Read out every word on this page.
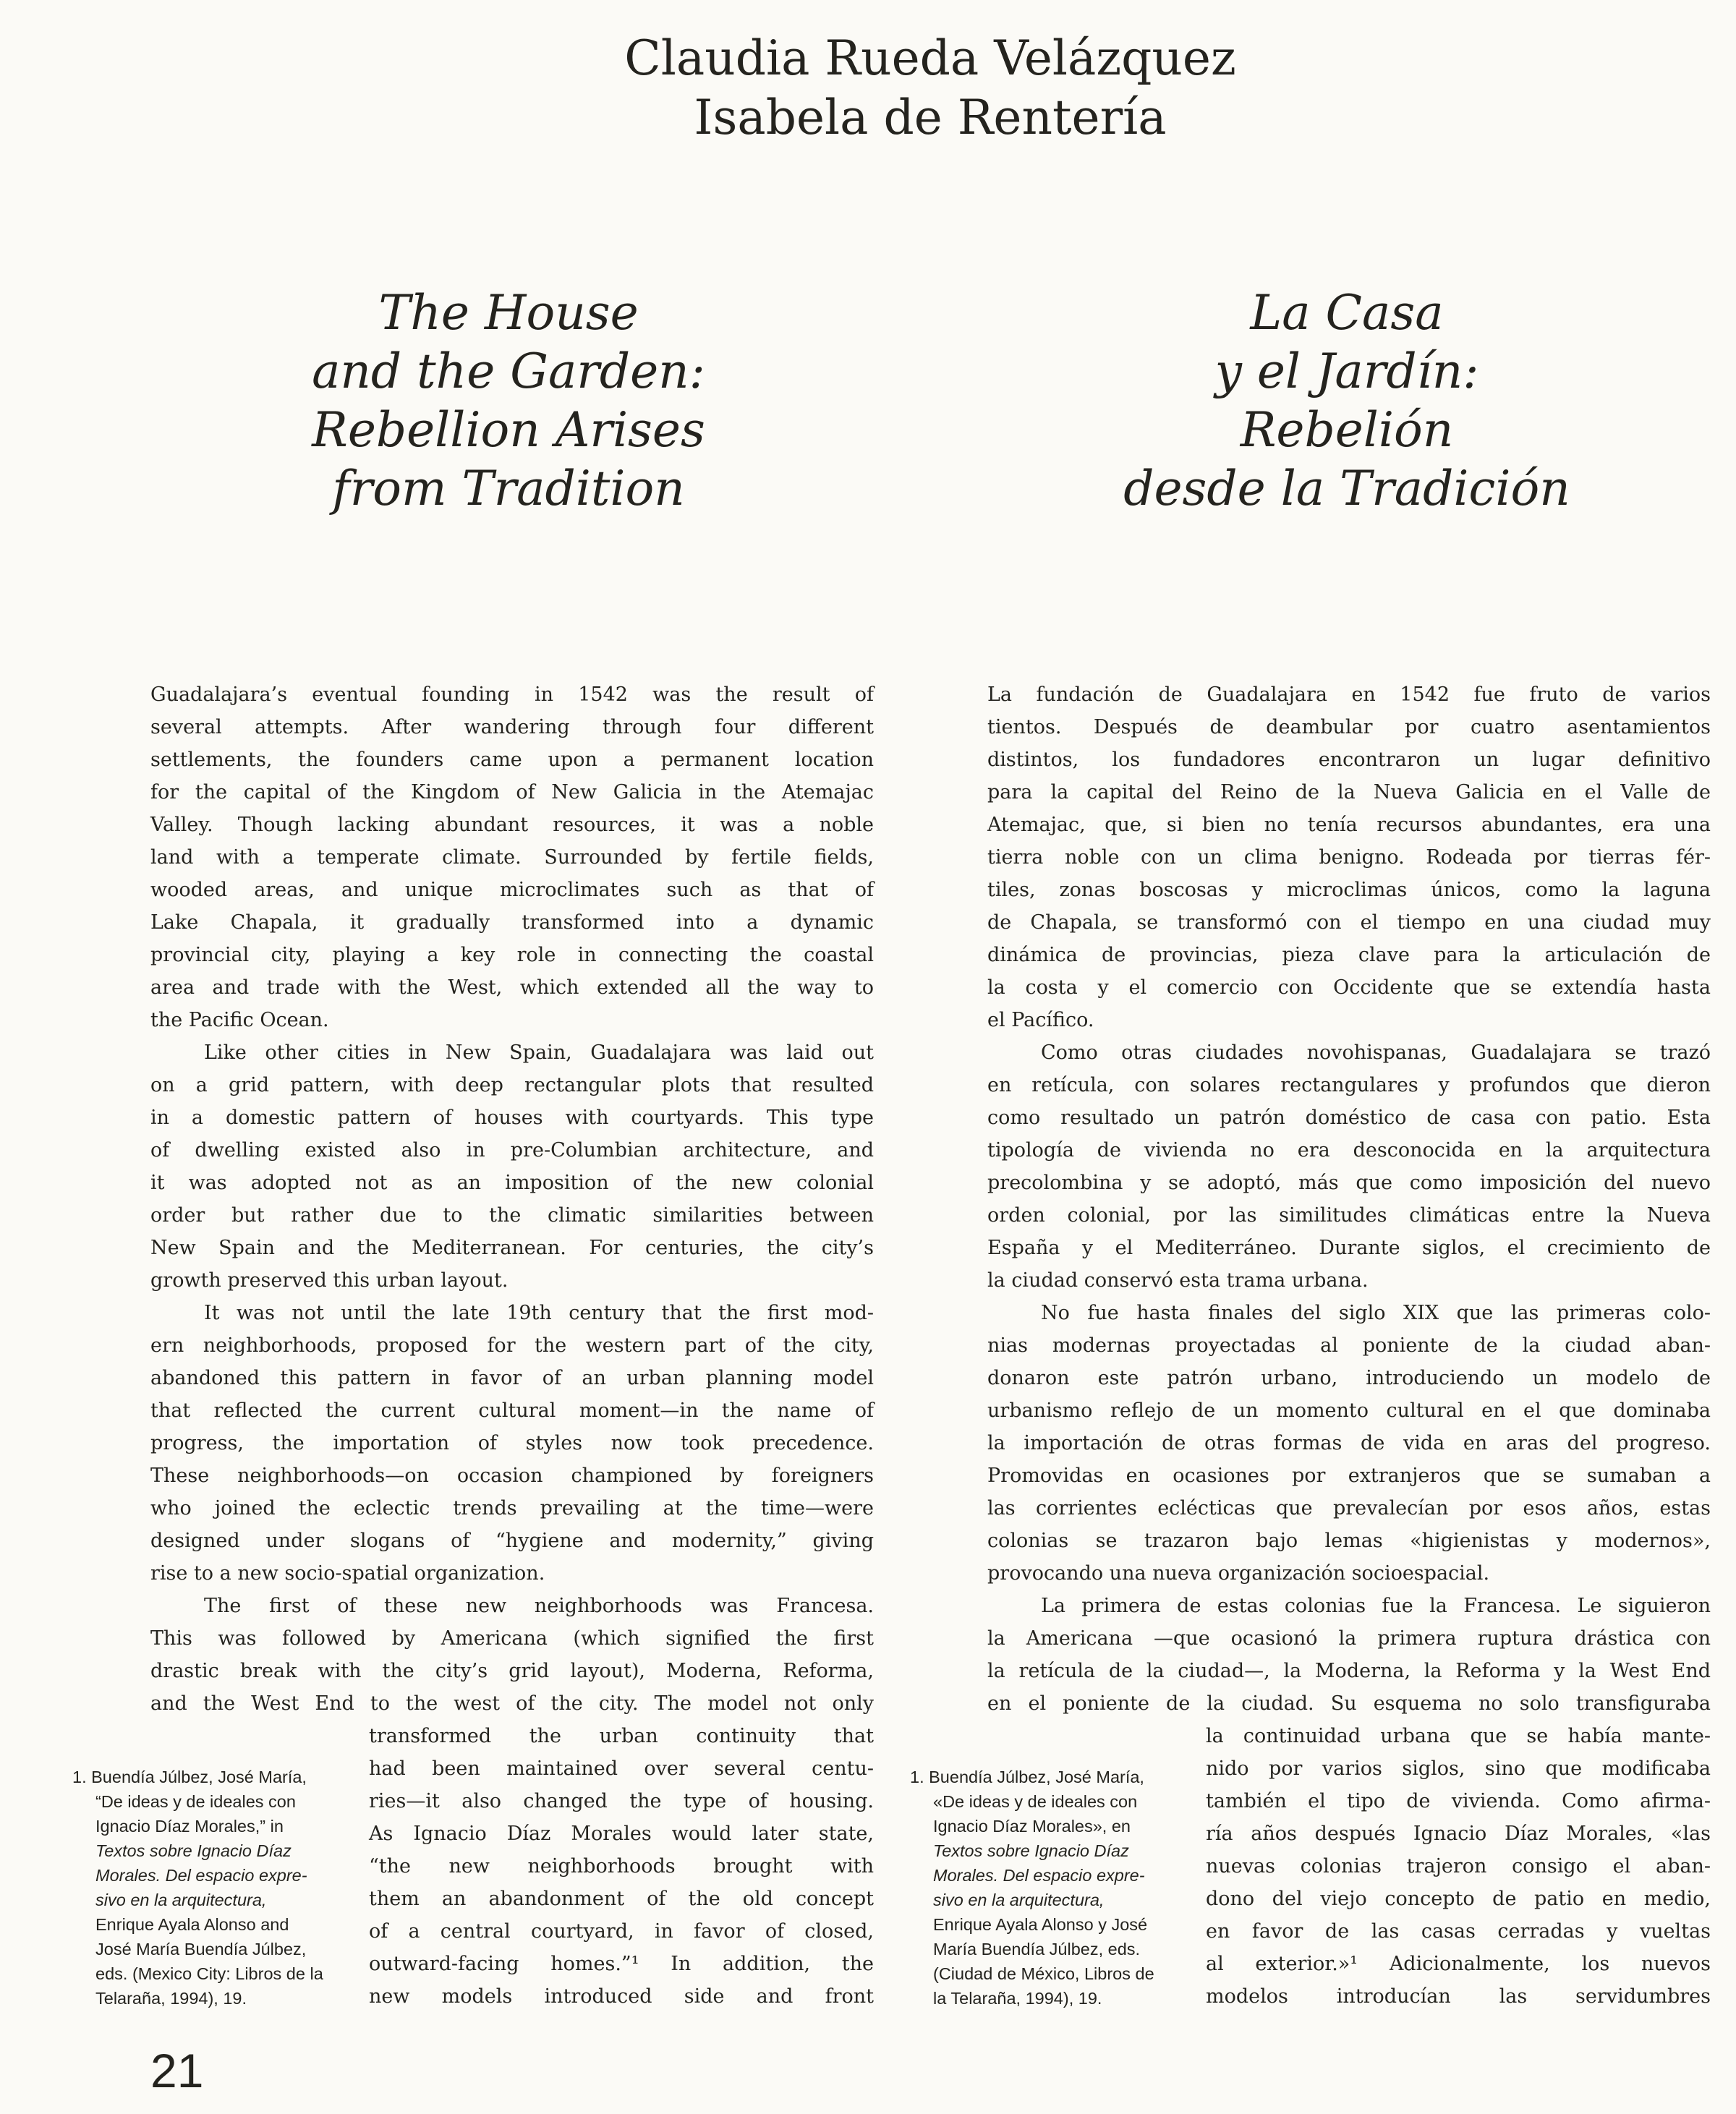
Claudia Rueda Velázquez
Isabela de Rentería
The House
and the Garden:
Rebellion Arises
from Tradition
La Casa
y el Jardín:
Rebelión
desde la Tradición
Guadalajara’s eventual founding in 1542 was the result of
several attempts. After wandering through four different
settlements, the founders came upon a permanent location
for the capital of the Kingdom of New Galicia in the Atemajac
Valley. Though lacking abundant resources, it was a noble
land with a temperate climate. Surrounded by fertile fields,
wooded areas, and unique microclimates such as that of
Lake Chapala, it gradually transformed into a dynamic
provincial city, playing a key role in connecting the coastal
area and trade with the West, which extended all the way to
the Pacific Ocean.
Like other cities in New Spain, Guadalajara was laid out
on a grid pattern, with deep rectangular plots that resulted
in a domestic pattern of houses with courtyards. This type
of dwelling existed also in pre-Columbian architecture, and
it was adopted not as an imposition of the new colonial
order but rather due to the climatic similarities between
New Spain and the Mediterranean. For centuries, the city’s
growth preserved this urban layout.
It was not until the late 19th century that the first mod-
ern neighborhoods, proposed for the western part of the city,
abandoned this pattern in favor of an urban planning model
that reflected the current cultural moment—in the name of
progress, the importation of styles now took precedence.
These neighborhoods—on occasion championed by foreigners
who joined the eclectic trends prevailing at the time—were
designed under slogans of “hygiene and modernity,” giving
rise to a new socio-spatial organization.
The first of these new neighborhoods was Francesa.
This was followed by Americana (which signified the first
drastic break with the city’s grid layout), Moderna, Reforma,
and the West End to the west of the city. The model not only
transformed the urban continuity that
had been maintained over several centu-
ries—it also changed the type of housing.
As Ignacio Díaz Morales would later state,
“the new neighborhoods brought with
them an abandonment of the old concept
of a central courtyard, in favor of closed,
outward-facing homes.”¹ In addition, the
new models introduced side and front
La fundación de Guadalajara en 1542 fue fruto de varios
tientos. Después de deambular por cuatro asentamientos
distintos, los fundadores encontraron un lugar definitivo
para la capital del Reino de la Nueva Galicia en el Valle de
Atemajac, que, si bien no tenía recursos abundantes, era una
tierra noble con un clima benigno. Rodeada por tierras fér-
tiles, zonas boscosas y microclimas únicos, como la laguna
de Chapala, se transformó con el tiempo en una ciudad muy
dinámica de provincias, pieza clave para la articulación de
la costa y el comercio con Occidente que se extendía hasta
el Pacífico.
Como otras ciudades novohispanas, Guadalajara se trazó
en retícula, con solares rectangulares y profundos que dieron
como resultado un patrón doméstico de casa con patio. Esta
tipología de vivienda no era desconocida en la arquitectura
precolombina y se adoptó, más que como imposición del nuevo
orden colonial, por las similitudes climáticas entre la Nueva
España y el Mediterráneo. Durante siglos, el crecimiento de
la ciudad conservó esta trama urbana.
No fue hasta finales del siglo XIX que las primeras colo-
nias modernas proyectadas al poniente de la ciudad aban-
donaron este patrón urbano, introduciendo un modelo de
urbanismo reflejo de un momento cultural en el que dominaba
la importación de otras formas de vida en aras del progreso.
Promovidas en ocasiones por extranjeros que se sumaban a
las corrientes eclécticas que prevalecían por esos años, estas
colonias se trazaron bajo lemas «higienistas y modernos»,
provocando una nueva organización socioespacial.
La primera de estas colonias fue la Francesa. Le siguieron
la Americana —que ocasionó la primera ruptura drástica con
la retícula de la ciudad—, la Moderna, la Reforma y la West End
en el poniente de la ciudad. Su esquema no solo transfiguraba
la continuidad urbana que se había mante-
nido por varios siglos, sino que modificaba
también el tipo de vivienda. Como afirma-
ría años después Ignacio Díaz Morales, «las
nuevas colonias trajeron consigo el aban-
dono del viejo concepto de patio en medio,
en favor de las casas cerradas y vueltas
al exterior.»¹ Adicionalmente, los nuevos
modelos introducían las servidumbres
1. Buendía Júlbez, José María,
“De ideas y de ideales con
Ignacio Díaz Morales,” in
Textos sobre Ignacio Díaz
Morales. Del espacio expre-
sivo en la arquitectura,
Enrique Ayala Alonso and
José María Buendía Júlbez,
eds. (Mexico City: Libros de la
Telaraña, 1994), 19.
1. Buendía Júlbez, José María,
«De ideas y de ideales con
Ignacio Díaz Morales», en
Textos sobre Ignacio Díaz
Morales. Del espacio expre-
sivo en la arquitectura,
Enrique Ayala Alonso y José
María Buendía Júlbez, eds.
(Ciudad de México, Libros de
la Telaraña, 1994), 19.
21
